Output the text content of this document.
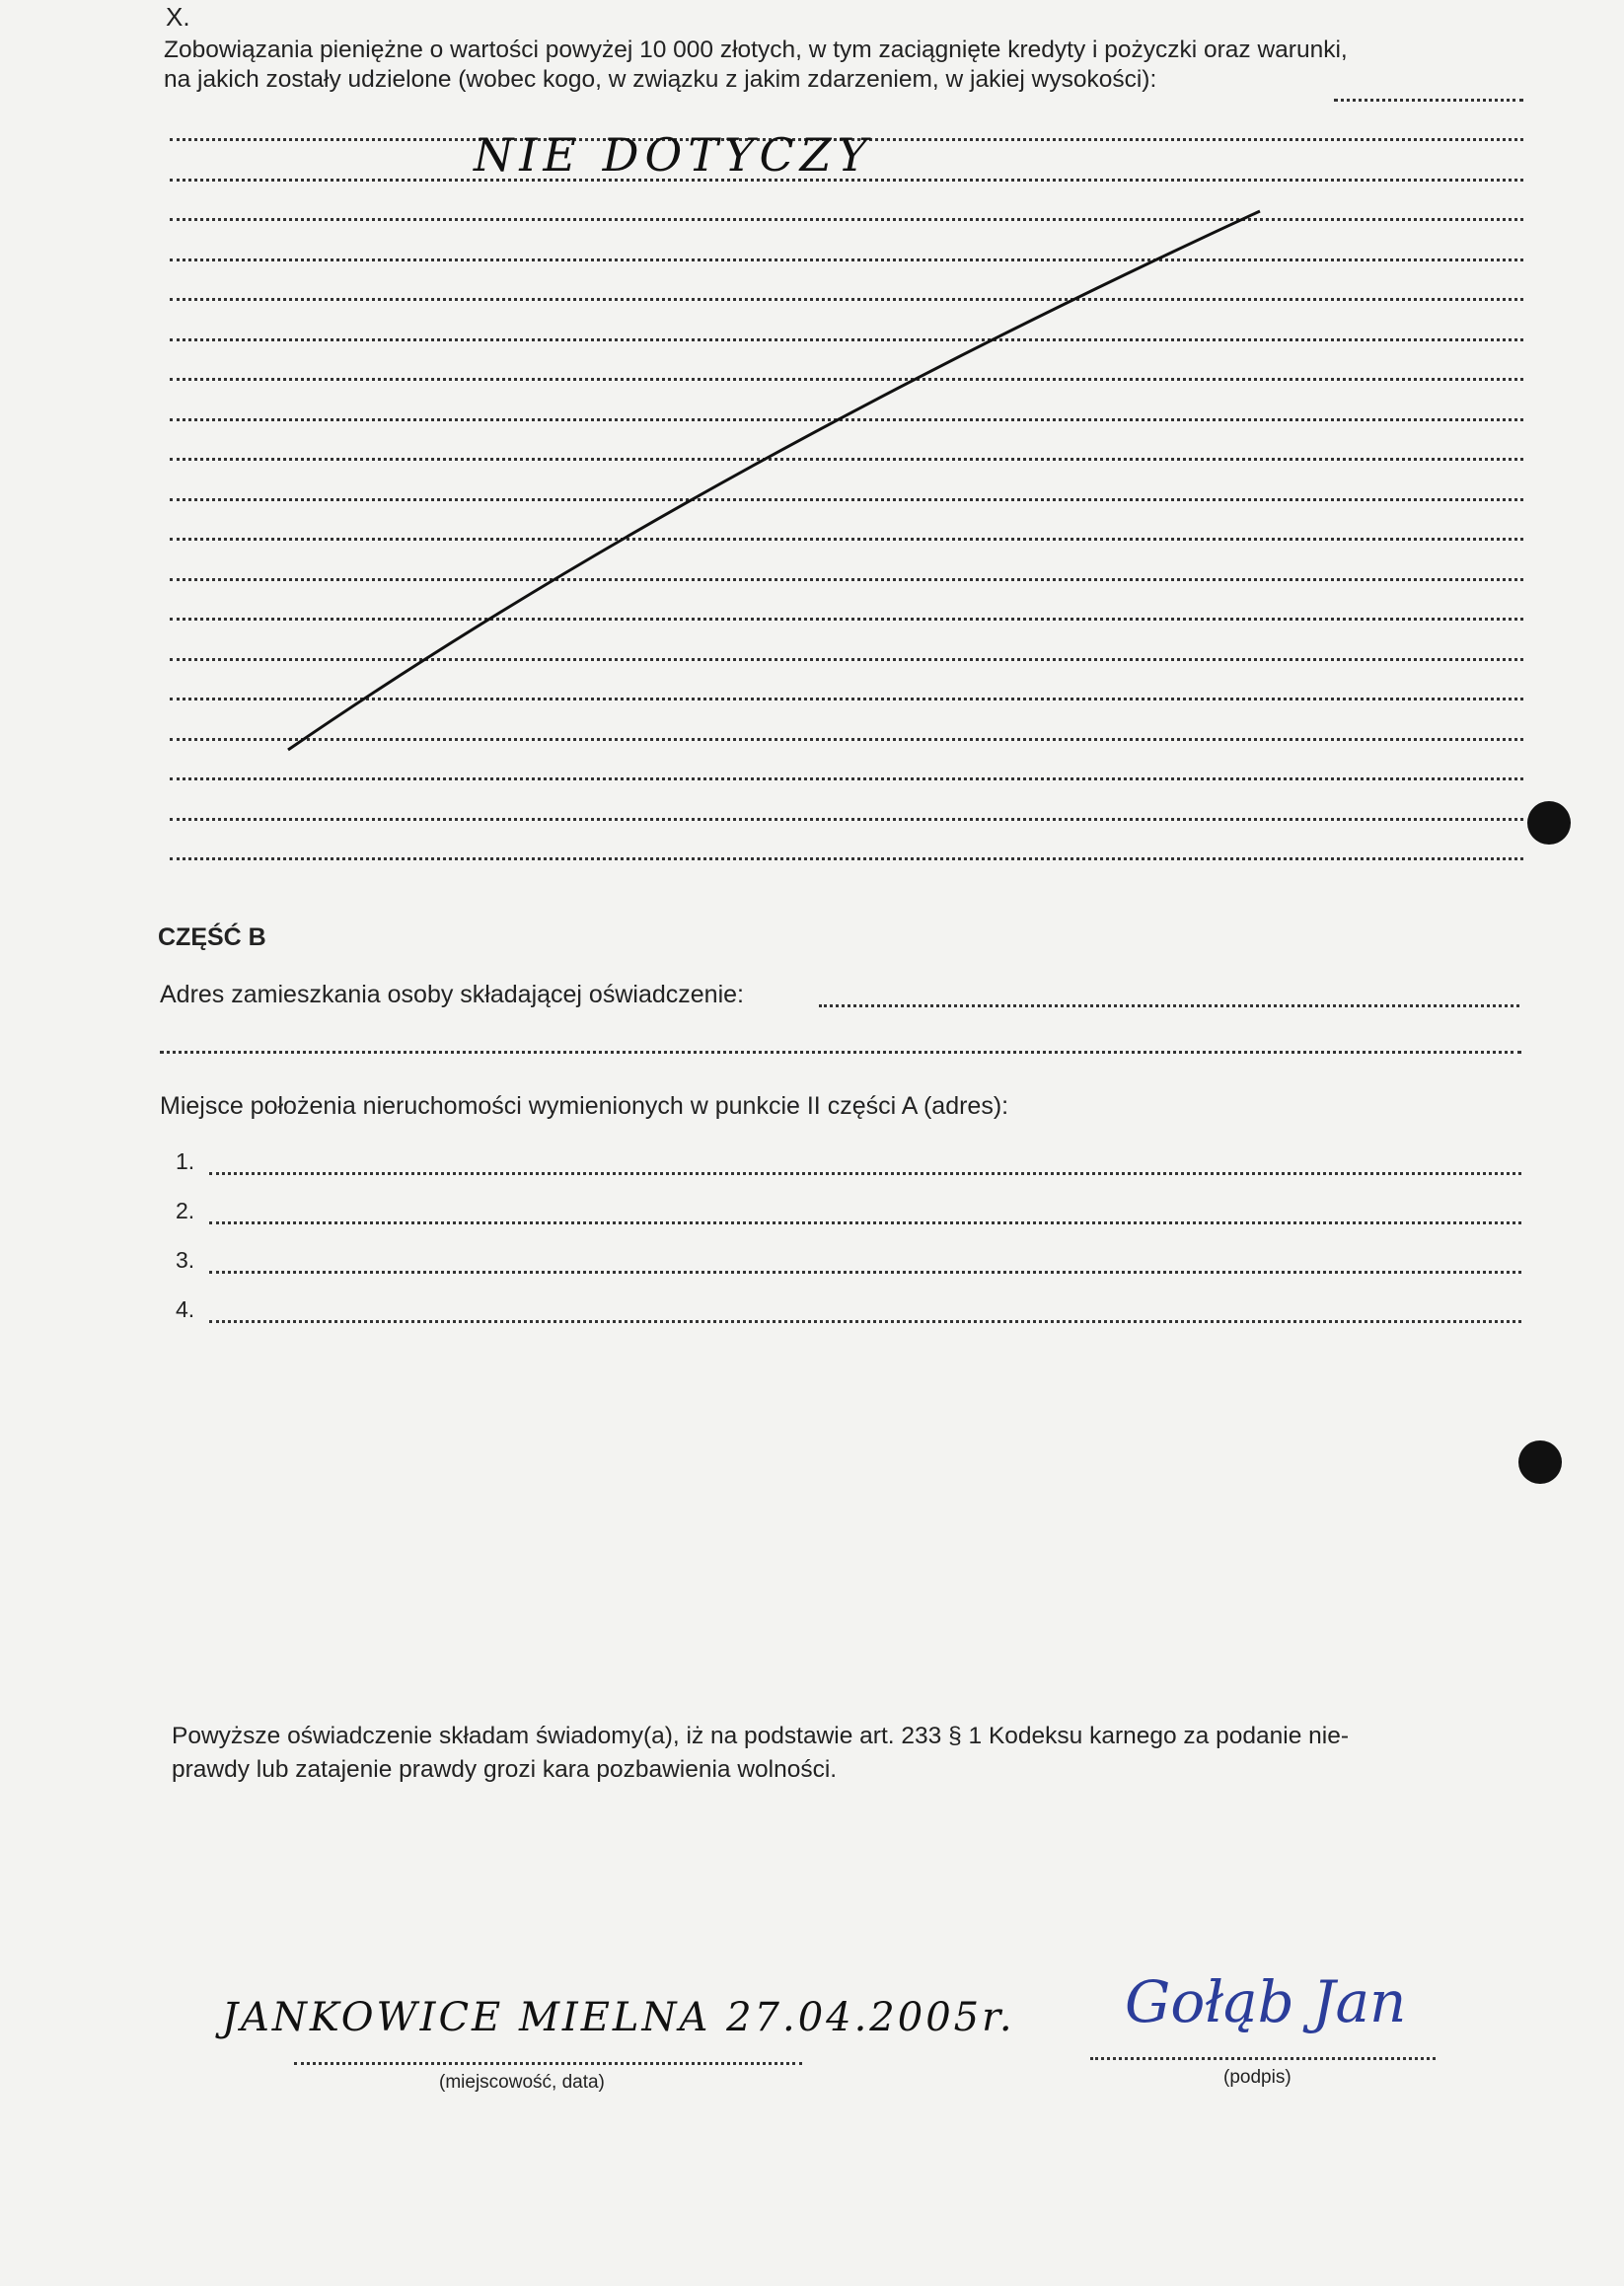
X.
Zobowiązania pieniężne o wartości powyżej 10 000 złotych, w tym zaciągnięte kredyty i pożyczki oraz warunki,
na jakich zostały udzielone (wobec kogo, w związku z jakim zdarzeniem, w jakiej wysokości):
NIE DOTYCZY
CZĘŚĆ B
Adres zamieszkania osoby składającej oświadczenie:
Miejsce położenia nieruchomości wymienionych w punkcie II części A (adres):
1.
2.
3.
4.
Powyższe oświadczenie składam świadomy(a), iż na podstawie art. 233 § 1 Kodeksu karnego za podanie nie-
prawdy lub zatajenie prawdy grozi kara pozbawienia wolności.
JANKOWICE MIELNA 27.04.2005r.
(miejscowość, data)
Gołąb Jan
(podpis)
